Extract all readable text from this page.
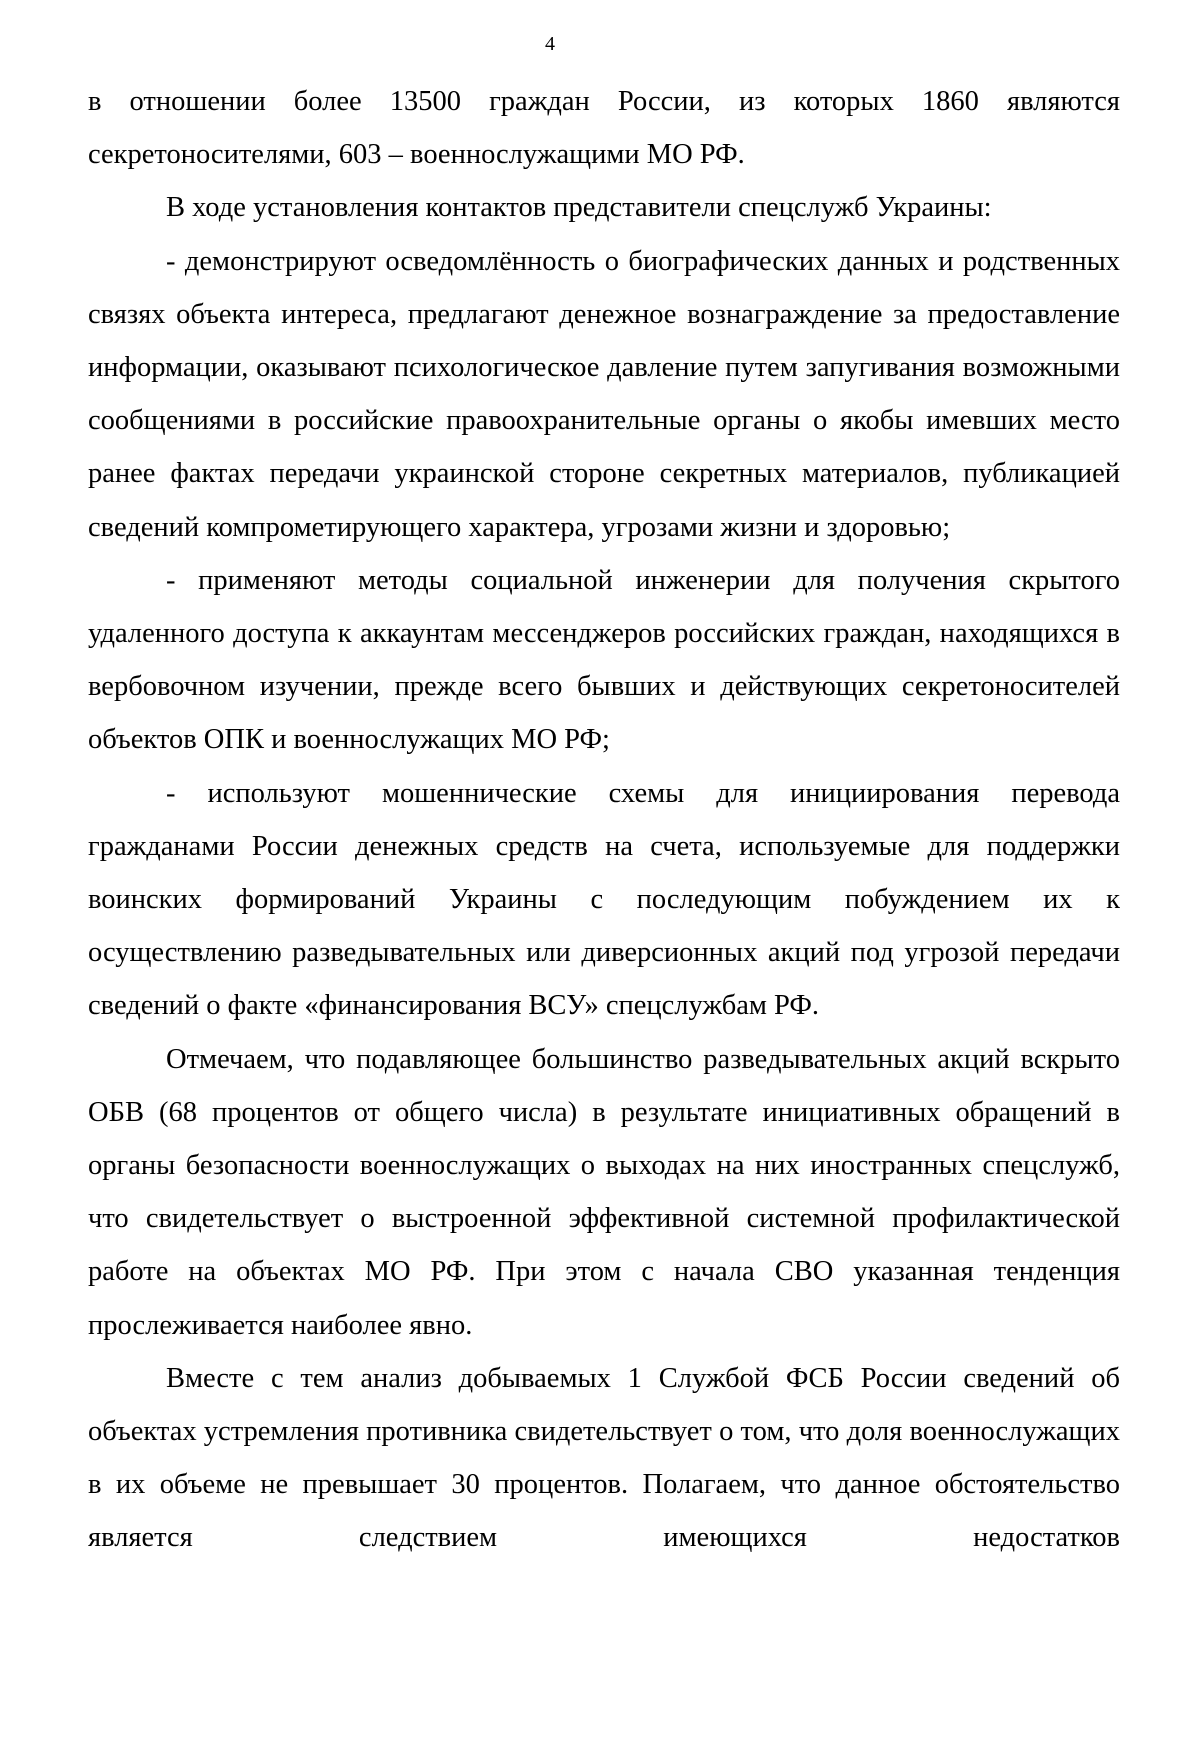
4

в отношении более 13500 граждан России, из которых 1860 являются секретоносителями, 603 – военнослужащими МО РФ.

В ходе установления контактов представители спецслужб Украины:

- демонстрируют осведомлённость о биографических данных и родственных связях объекта интереса, предлагают денежное вознаграждение за предоставление информации, оказывают психологическое давление путем запугивания возможными сообщениями в российские правоохранительные органы о якобы имевших место ранее фактах передачи украинской стороне секретных материалов, публикацией сведений компрометирующего характера, угрозами жизни и здоровью;

- применяют методы социальной инженерии для получения скрытого удаленного доступа к аккаунтам мессенджеров российских граждан, находящихся в вербовочном изучении, прежде всего бывших и действующих секретоносителей объектов ОПК и военнослужащих МО РФ;

- используют мошеннические схемы для инициирования перевода гражданами России денежных средств на счета, используемые для поддержки воинских формирований Украины с последующим побуждением их к осуществлению разведывательных или диверсионных акций под угрозой передачи сведений о факте «финансирования ВСУ» спецслужбам РФ.

Отмечаем, что подавляющее большинство разведывательных акций вскрыто ОБВ (68 процентов от общего числа) в результате инициативных обращений в органы безопасности военнослужащих о выходах на них иностранных спецслужб, что свидетельствует о выстроенной эффективной системной профилактической работе на объектах МО РФ. При этом с начала СВО указанная тенденция прослеживается наиболее явно.

Вместе с тем анализ добываемых 1 Службой ФСБ России сведений об объектах устремления противника свидетельствует о том, что доля военнослужащих в их объеме не превышает 30 процентов. Полагаем, что данное обстоятельство является следствием имеющихся недостатков
